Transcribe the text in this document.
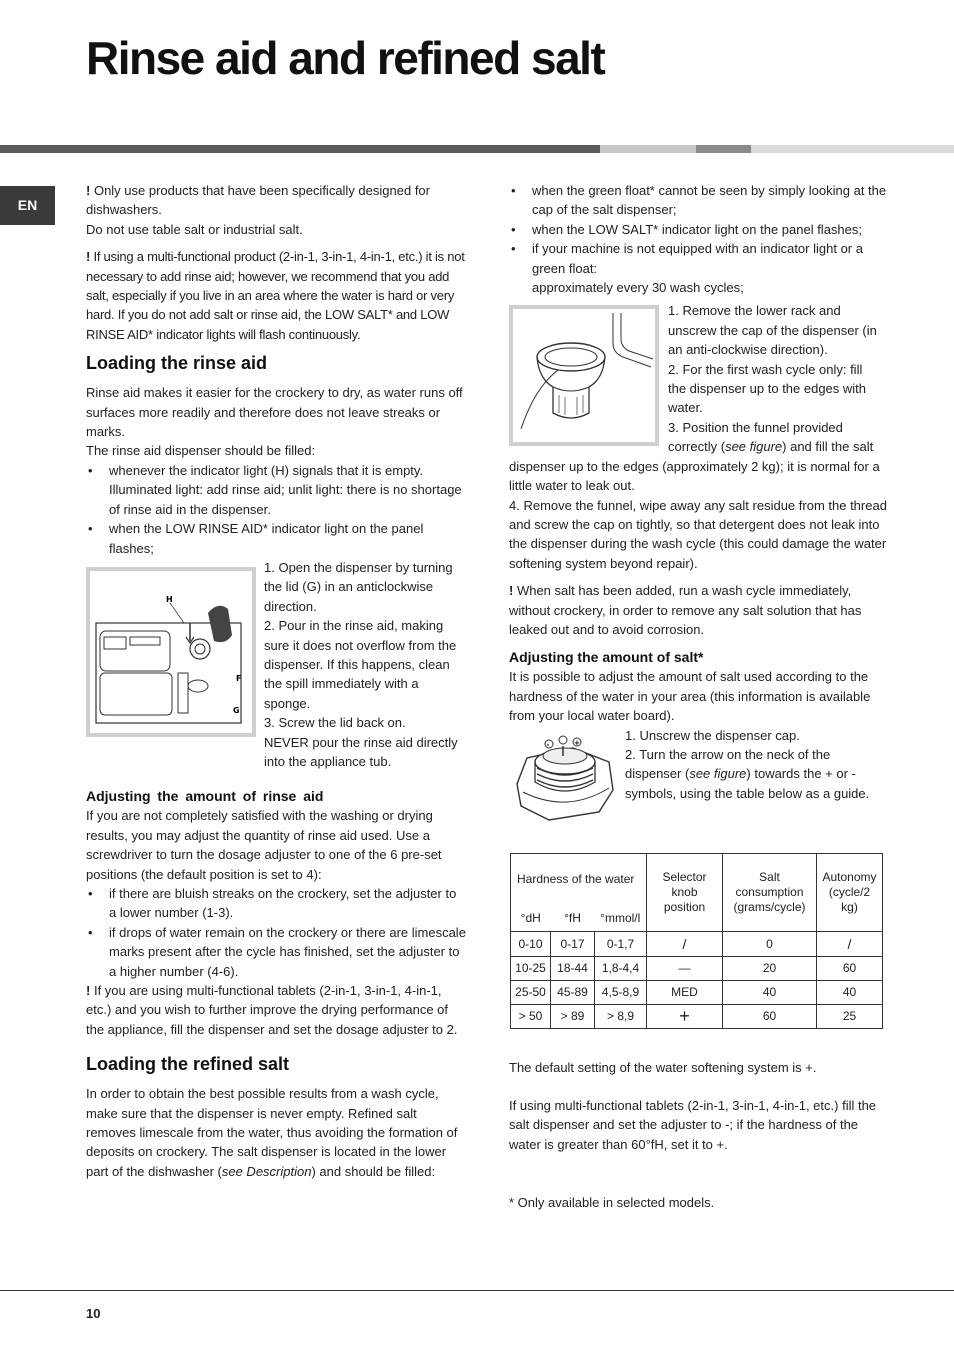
Rinse aid and refined salt
EN

! Only use products that have been specifically designed for dishwashers.

Do not use table salt or industrial salt.

! If using a multi-functional product (2-in-1, 3-in-1, 4-in-1, etc.) it is not necessary to add rinse aid; however, we recommend that you add salt, especially if you live in an area where the water is hard or very hard. If you do not add salt or rinse aid, the LOW SALT* and LOW RINSE AID* indicator lights will flash continuously.

Loading the rinse aid

Rinse aid makes it easier for the crockery to dry, as water runs off surfaces more readily and therefore does not leave streaks or marks.

The rinse aid dispenser should be filled:

• whenever the indicator light (H) signals that it is empty. Illuminated light: add rinse aid; unlit light: there is no shortage of rinse aid in the dispenser.
• when the LOW RINSE AID* indicator light on the panel flashes;
H
F
G

1. Open the dispenser by turning the lid (G) in an anticlockwise direction.

2. Pour in the rinse aid, making sure it does not overflow from the dispenser. If this happens, clean the spill immediately with a sponge.

3. Screw the lid back on.

NEVER pour the rinse aid directly into the appliance tub.

Adjusting the amount of rinse aid

If you are not completely satisfied with the washing or drying results, you may adjust the quantity of rinse aid used. Use a screwdriver to turn the dosage adjuster to one of the 6 pre-set positions (the default position is set to 4):

• if there are bluish streaks on the crockery, set the adjuster to a lower number (1-3).
• if drops of water remain on the crockery or there are limescale marks present after the cycle has finished, set the adjuster to a higher number (4-6).

! If you are using multi-functional tablets (2-in-1, 3-in-1, 4-in-1, etc.) and you wish to further improve the drying performance of the appliance, fill the dispenser and set the dosage adjuster to 2.

Loading the refined salt

In order to obtain the best possible results from a wash cycle, make sure that the dispenser is never empty. Refined salt removes limescale from the water, thus avoiding the formation of deposits on crockery. The salt dispenser is located in the lower part of the dishwasher (see Description) and should be filled:

• when the green float* cannot be seen by simply looking at the cap of the salt dispenser;
• when the LOW SALT* indicator light on the panel flashes;
• if your machine is not equipped with an indicator light or a green float:

approximately every 30 wash cycles;

1. Remove the lower rack and unscrew the cap of the dispenser (in an anti-clockwise direction).

2. For the first wash cycle only: fill the dispenser up to the edges with water.

3. Position the funnel provided correctly (see figure) and fill the salt

dispenser up to the edges (approximately 2 kg); it is normal for a little water to leak out.

4. Remove the funnel, wipe away any salt residue from the thread and screw the cap on tightly, so that detergent does not leak into the dispenser during the wash cycle (this could damage the water softening system beyond repair).

! When salt has been added, run a wash cycle immediately, without crockery, in order to remove any salt solution that has leaked out and to avoid corrosion.

Adjusting the amount of salt*

It is possible to adjust the amount of salt used according to the hardness of the water in your area (this information is available from your local water board).

-	+	1. Unscrew the dispenser cap.

2. Turn the arrow on the neck of the dispenser (see figure) towards the + or - symbols, using the table below as a guide.

Hardness of the water			Selector knob position	Salt consumption (grams/cycle)	Autonomy (cycle/2 kg)
°dH	°fH	°mmol/l			
0-10	0-17	0-1,7	/	0	/
10-25	18-44	1,8-4,4	—	20	60
25-50	45-89	4,5-8,9	MED	40	40
> 50	> 89	> 8,9	+	60	25

The default setting of the water softening system is +.

If using multi-functional tablets (2-in-1, 3-in-1, 4-in-1, etc.) fill the salt dispenser and set the adjuster to -; if the hardness of the water is greater than 60°fH, set it to +.

* Only available in selected models.

10
